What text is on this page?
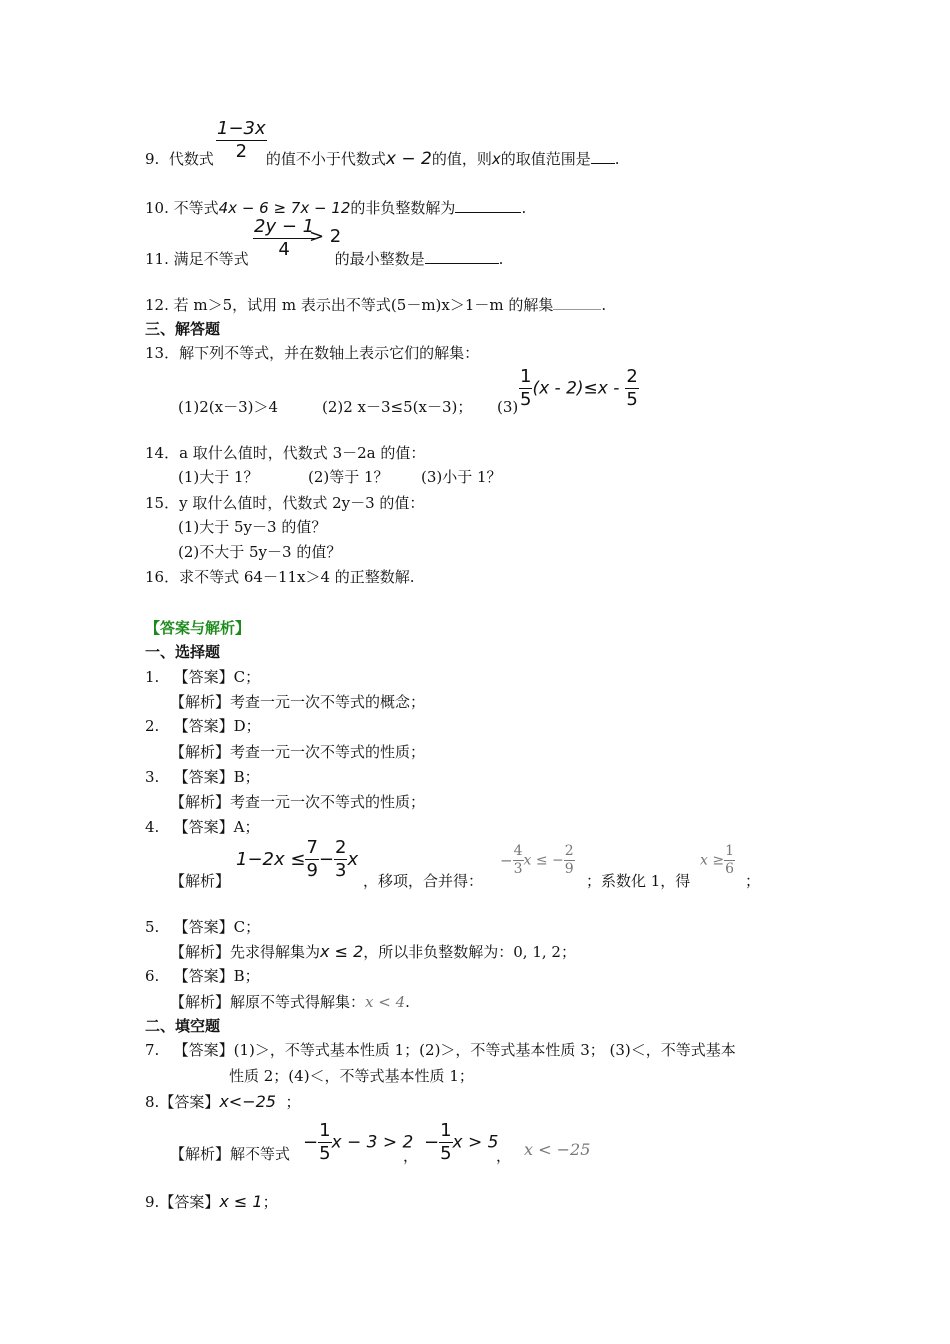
$\frac{1-3x}{2}$
9. 代数式	的值不小于代数式x − 2的值，则x的取值范围是 .
10. 不等式4x − 6 ≥ 7x − 12的非负整数解为	.
$\frac{2y - 1}{4}$
> 2
11. 满足不等式	的最小整数是	.
12. 若 m＞5，试用 m 表示出不等式(5－m)x＞1－m 的解集	.
三、解答题
13．解下列不等式，并在数轴上表示它们的解集：
(1)2(x－3)＞4	(2)2 x－3≤5(x－3)； $(3) \frac{1}{5} (x - 2)\le x - \frac{2}{5}$
14．a 取什么值时，代数式 3－2a 的值：
(1)大于 1？	(2)等于 1？ (3)小于 1？
15．y 取什么值时，代数式 2y－3 的值：
(1)大于 5y－3 的值？
(2)不大于 5y－3 的值？
16．求不等式 64－11x＞4 的正整数解.
【答案与解析】
一、选择题
1. 【答案】C；
【解析】考查一元一次不等式的概念；
2. 【答案】D；
【解析】考查一元一次不等式的性质；
3. 【答案】B；
【解析】考查一元一次不等式的性质；
4. 【答案】A；
【解析】
$1-2x \le \frac{7}{9} - \frac{2}{3}$ x
，移项，合并得：
− $\frac{4}{3}$ x ≤ − $\frac{2}{9}$
；系数化 1，得
$x \ge \frac{1}{6}$
；
5. 【答案】C；
【解析】先求得解集为x ≤ 2，所以非负整数解为：0, 1, 2；
6. 【答案】B；
【解析】解原不等式得解集：x < 4.
二、填空题
7. 【答案】(1)＞，不等式基本性质 1；(2)＞，不等式基本性质 3； (3)＜，不等式基本
性质 2；(4)＜，不等式基本性质 1；
8.【答案】x<−25 ；
【解析】解不等式
− $\frac{1}{5}$ x − 3 > 2
，
− $\frac{1}{5}$ x > 5
， x < −25
9.【答案】x ≤ 1；
